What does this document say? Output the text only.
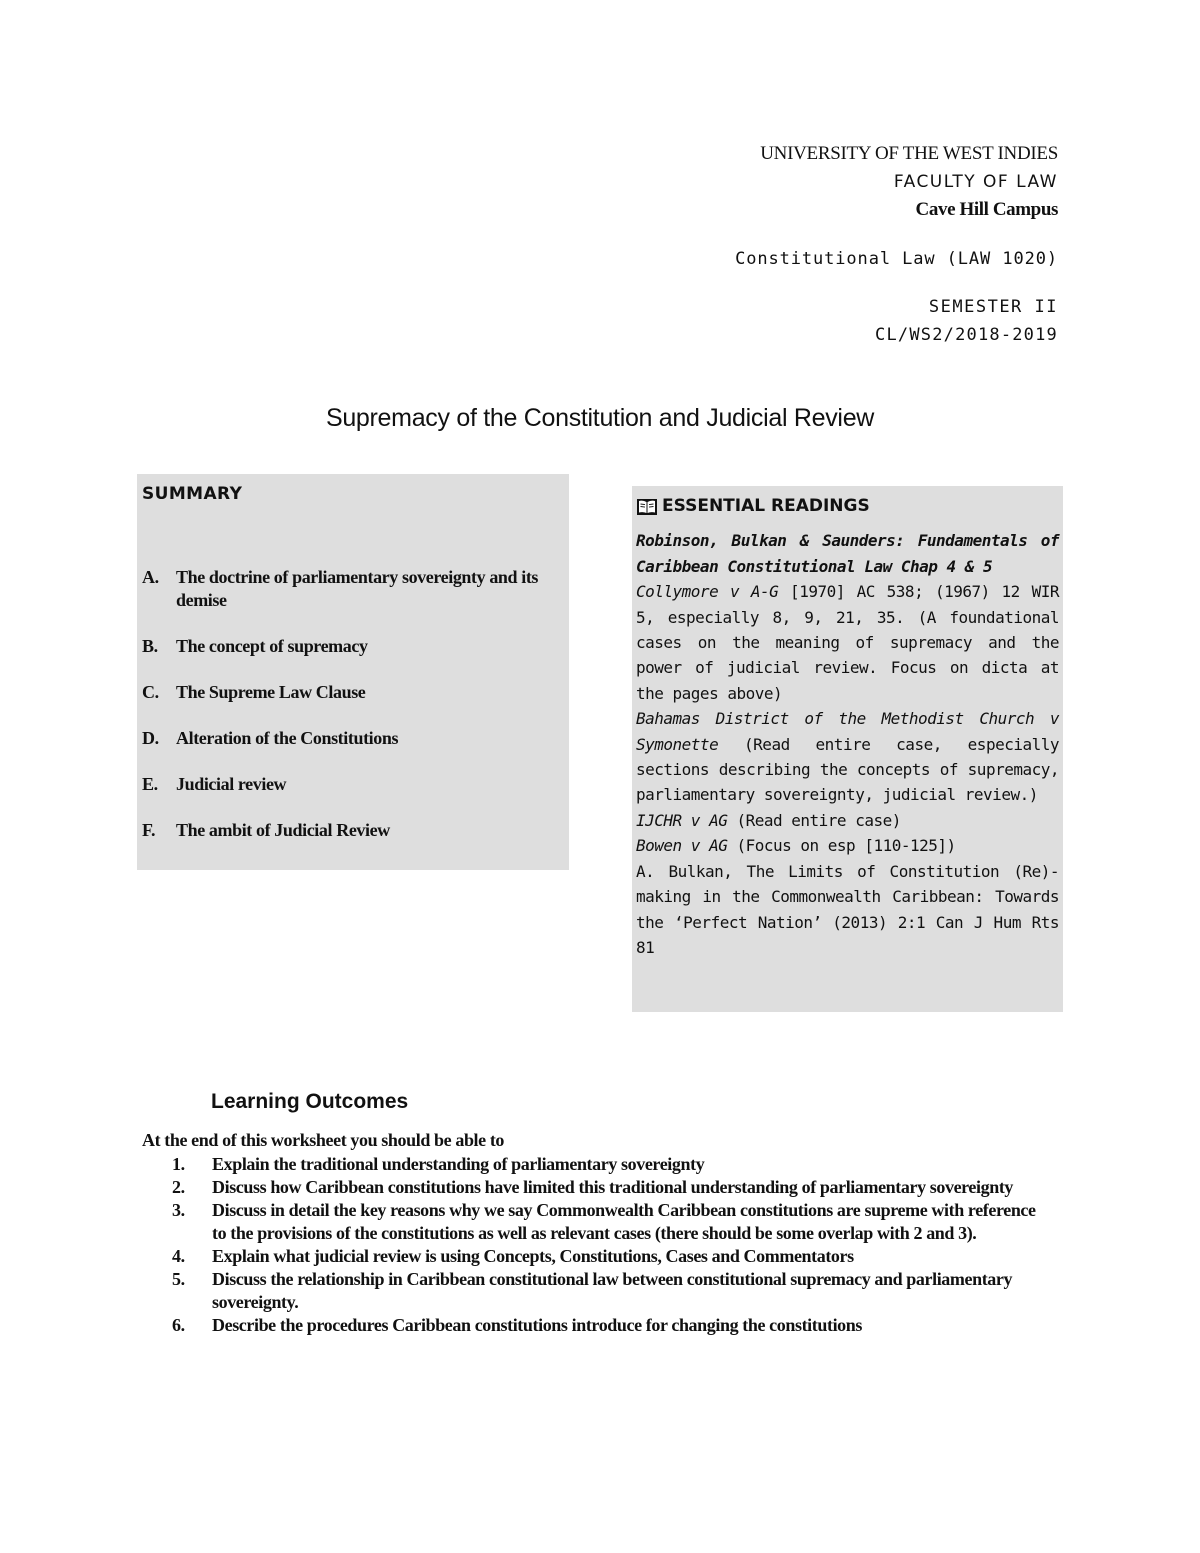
UNIVERSITY OF THE WEST INDIES
FACULTY OF LAW
Cave Hill Campus
Constitutional Law (LAW 1020)
SEMESTER II
CL/WS2/2018-2019
Supremacy of the Constitution and Judicial Review
SUMMARY
A. The doctrine of parliamentary sovereignty and its demise
B.	The concept of supremacy
C. The Supreme Law Clause
D. Alteration of the Constitutions
E.	Judicial review
F.	The ambit of Judicial Review
ESSENTIAL READINGS

Robinson, Bulkan & Saunders: Fundamentals of Caribbean Constitutional Law Chap 4 & 5

Collymore v A-G [1970] AC 538; (1967) 12 WIR 5, especially 8, 9, 21, 35. (A foundational cases on the meaning of supremacy and the power of judicial review. Focus on dicta at the pages above)

Bahamas District of the Methodist Church v Symonette (Read entire case, especially sections describing the concepts of supremacy, parliamentary sovereignty, judicial review.)

IJCHR v AG (Read entire case)

Bowen v AG (Focus on esp [110-125])

A. Bulkan, The Limits of Constitution (Re)-making in the Commonwealth Caribbean: Towards the ‘Perfect Nation’ (2013) 2:1 Can J Hum Rts 81

Learning Outcomes
At the end of this worksheet you should be able to
1.	Explain the traditional understanding of parliamentary sovereignty
2.	Discuss how Caribbean constitutions have limited this traditional understanding of parliamentary sovereignty
3.	Discuss in detail the key reasons why we say Commonwealth Caribbean constitutions are supreme with reference to the provisions of the constitutions as well as relevant cases (there should be some overlap with 2 and 3).
4.	Explain what judicial review is using Concepts, Constitutions, Cases and Commentators
5.	Discuss the relationship in Caribbean constitutional law between constitutional supremacy and parliamentary sovereignty.
6.	Describe the procedures Caribbean constitutions introduce for changing the constitutions
